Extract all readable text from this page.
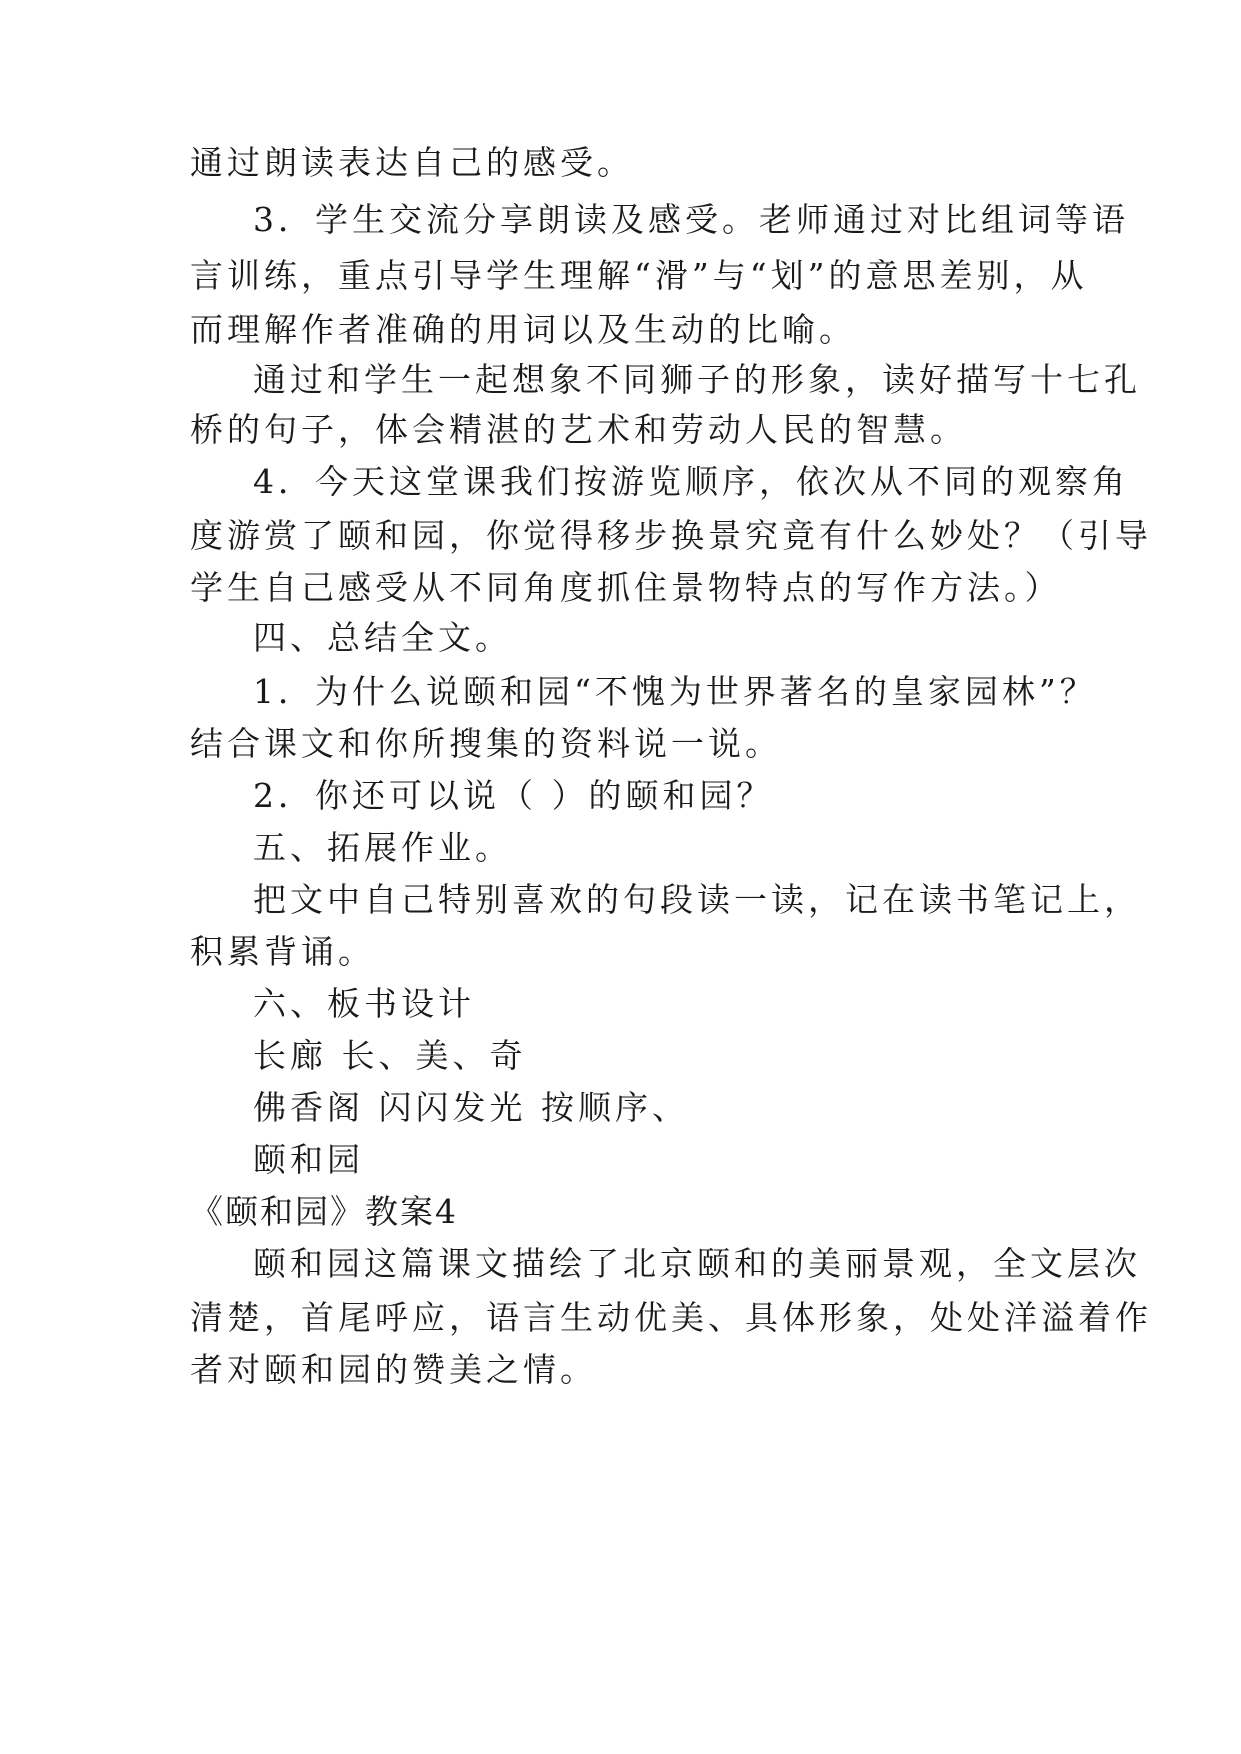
通过朗读表达自己的感受。
3．学生交流分享朗读及感受。老师通过对比组词等语
言训练，重点引导学生理解“滑”与“划”的意思差别，从
而理解作者准确的用词以及生动的比喻。
通过和学生一起想象不同狮子的形象，读好描写十七孔
桥的句子，体会精湛的艺术和劳动人民的智慧。
4．今天这堂课我们按游览顺序，依次从不同的观察角
度游赏了颐和园，你觉得移步换景究竟有什么妙处？（引导
学生自己感受从不同角度抓住景物特点的写作方法。）
四、总结全文。
1．为什么说颐和园“不愧为世界著名的皇家园林”？
结合课文和你所搜集的资料说一说。
2．你还可以说（ ）的颐和园？
五、拓展作业。
把文中自己特别喜欢的句段读一读，记在读书笔记上，
积累背诵。
六、板书设计
长廊 长、美、奇
佛香阁 闪闪发光 按顺序、
颐和园
《颐和园》教案4
颐和园这篇课文描绘了北京颐和的美丽景观，全文层次
清楚，首尾呼应，语言生动优美、具体形象，处处洋溢着作
者对颐和园的赞美之情。
